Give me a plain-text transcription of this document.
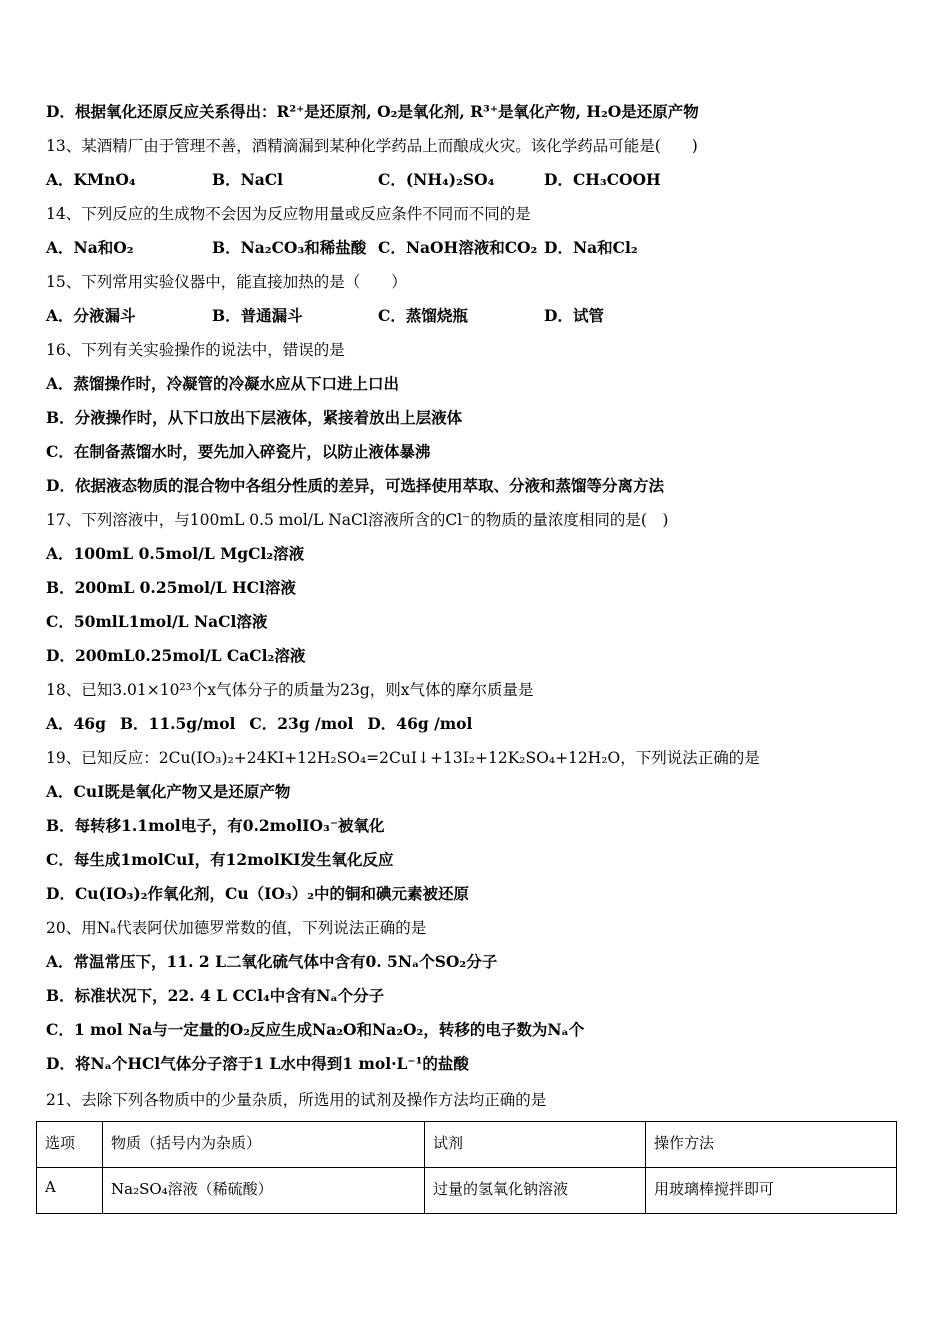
D．根据氧化还原反应关系得出：R²⁺是还原剂, O₂是氧化剂, R³⁺是氧化产物, H₂O是还原产物
13、某酒精厂由于管理不善，酒精滴漏到某种化学药品上而酿成火灾。该化学药品可能是(　　)
A．KMnO₄	B．NaCl	C．(NH₄)₂SO₄	D．CH₃COOH
14、下列反应的生成物不会因为反应物用量或反应条件不同而不同的是
A．Na和O₂	B．Na₂CO₃和稀盐酸 C．NaOH溶液和CO₂ D．Na和Cl₂
15、下列常用实验仪器中，能直接加热的是（　　）
A．分液漏斗	B．普通漏斗	C．蒸馏烧瓶	D．试管
16、下列有关实验操作的说法中，错误的是
A．蒸馏操作时，冷凝管的冷凝水应从下口进上口出
B．分液操作时，从下口放出下层液体，紧接着放出上层液体
C．在制备蒸馏水时，要先加入碎瓷片，以防止液体暴沸
D．依据液态物质的混合物中各组分性质的差异，可选择使用萃取、分液和蒸馏等分离方法
17、下列溶液中，与100mL 0.5 mol/L NaCl溶液所含的Cl⁻的物质的量浓度相同的是(　)
A．100mL 0.5mol/L MgCl₂溶液
B．200mL 0.25mol/L HCl溶液
C．50mlL1mol/L NaCl溶液
D．200mL0.25mol/L CaCl₂溶液
18、已知3.01×10²³个x气体分子的质量为23g，则x气体的摩尔质量是
A．46g B．11.5g/mol C．23g /mol D．46g /mol
19、已知反应：2Cu(IO₃)₂+24KI+12H₂SO₄=2CuI↓+13I₂+12K₂SO₄+12H₂O，下列说法正确的是
A．CuI既是氧化产物又是还原产物
B．每转移1.1mol电子，有0.2molIO₃⁻被氧化
C．每生成1molCuI，有12molKI发生氧化反应
D．Cu(IO₃)₂作氧化剂，Cu（IO₃）₂中的铜和碘元素被还原
20、用Nₐ代表阿伏加德罗常数的值，下列说法正确的是
A．常温常压下，11. 2 L二氧化硫气体中含有0. 5Nₐ个SO₂分子
B．标准状况下，22. 4 L CCl₄中含有Nₐ个分子
C．1 mol Na与一定量的O₂反应生成Na₂O和Na₂O₂，转移的电子数为Nₐ个
D．将Nₐ个HCl气体分子溶于1 L水中得到1 mol·L⁻¹的盐酸
21、去除下列各物质中的少量杂质，所选用的试剂及操作方法均正确的是
选项	物质（括号内为杂质）	试剂	操作方法
A	Na₂SO₄溶液（稀硫酸）	过量的氢氧化钠溶液	用玻璃棒搅拌即可
